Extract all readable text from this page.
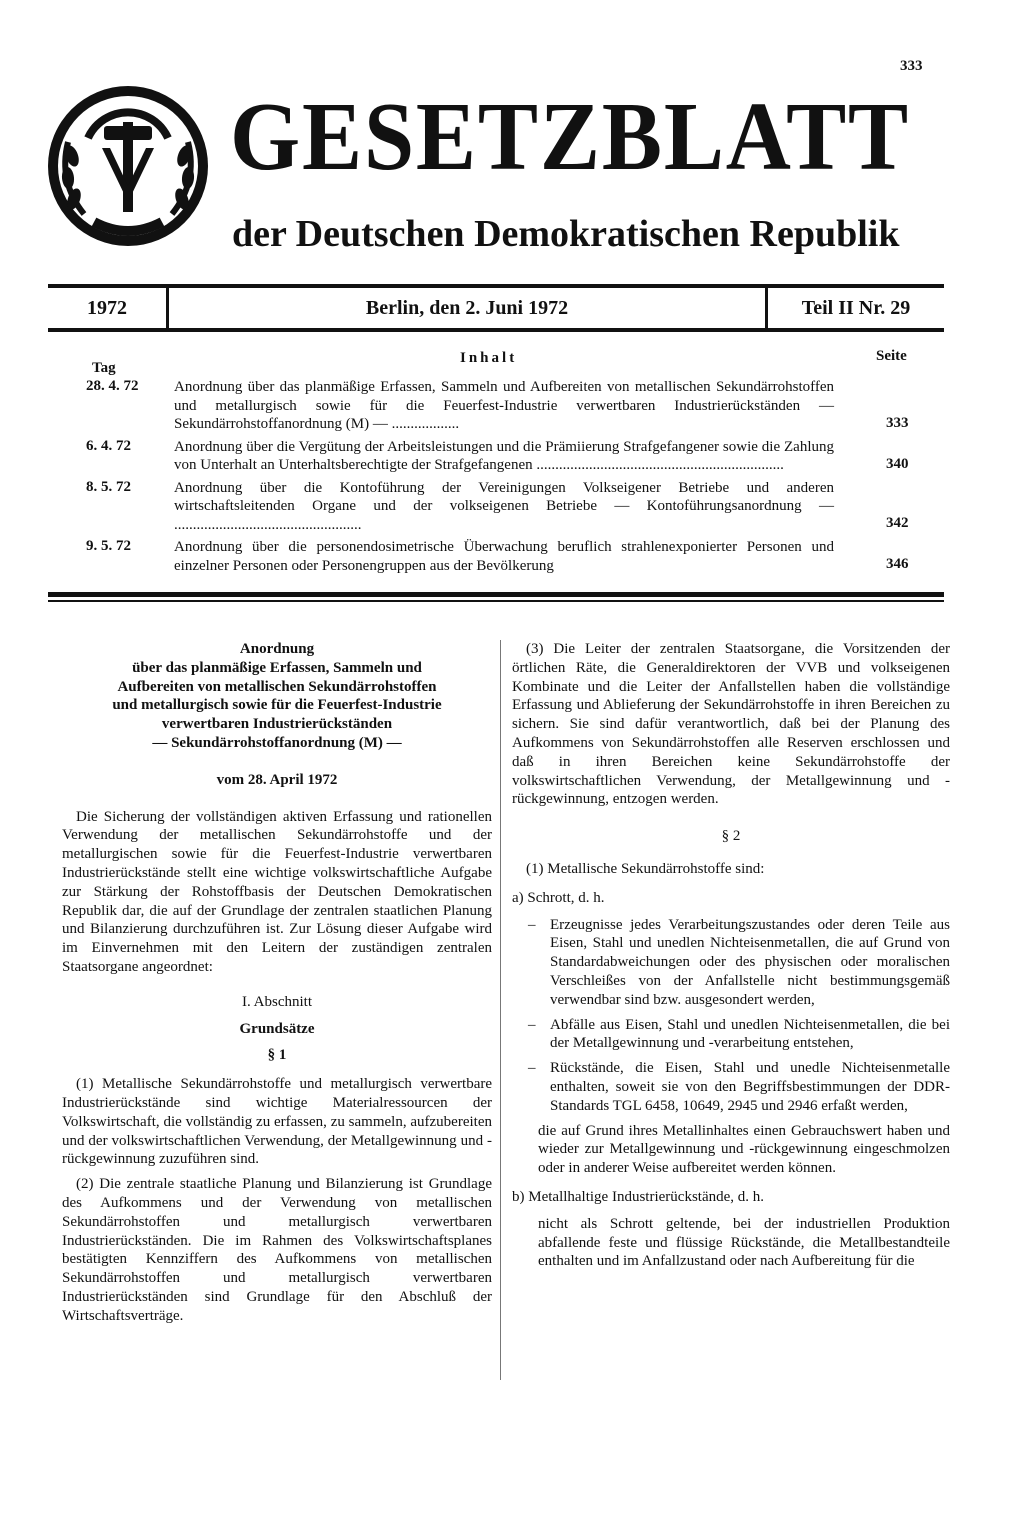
333
GESETZBLATT
der Deutschen Demokratischen Republik
1972	Berlin, den 2. Juni 1972	Teil II Nr. 29
Tag
Inhalt	Seite
28. 4. 72 Anordnung über das planmäßige Erfassen, Sammeln und Aufbereiten von metallischen Sekundärrohstoffen und metallurgisch sowie für die Feuerfest-Industrie verwertbaren Industrierückständen — Sekundärrohstoffanordnung (M) — ..................	333
6. 4. 72	Anordnung über die Vergütung der Arbeitsleistungen und die Prämiierung Strafgefangener sowie die Zahlung von Unterhalt an Unterhaltsberechtigte der Strafgefangenen ..................................................................	340
8. 5. 72	Anordnung über die Kontoführung der Vereinigungen Volkseigener Betriebe und anderen wirtschaftsleitenden Organe und der volkseigenen Betriebe — Kontoführungsanordnung — ..................................................	342
9. 5. 72	Anordnung über die personendosimetrische Überwachung beruflich strahlenexponierter Personen und einzelner Personen oder Personengruppen aus der Bevölkerung	346
Anordnung
über das planmäßige Erfassen, Sammeln und
Aufbereiten von metallischen Sekundärrohstoffen
und metallurgisch sowie für die Feuerfest-Industrie
verwertbaren Industrierückständen
— Sekundärrohstoffanordnung (M) —
vom 28. April 1972

Die Sicherung der vollständigen aktiven Erfassung und rationellen Verwendung der metallischen Sekundärrohstoffe und der metallurgischen sowie für die Feuerfest-Industrie verwertbaren Industrierückstände stellt eine wichtige volkswirtschaftliche Aufgabe zur Stärkung der Rohstoffbasis der Deutschen Demokratischen Republik dar, die auf der Grundlage der zentralen staatlichen Planung und Bilanzierung durchzuführen ist. Zur Lösung dieser Aufgabe wird im Einvernehmen mit den Leitern der zuständigen zentralen Staatsorgane angeordnet:

I. Abschnitt
Grundsätze
§ 1

(1) Metallische Sekundärrohstoffe und metallurgisch verwertbare Industrierückstände sind wichtige Materialressourcen der Volkswirtschaft, die vollständig zu erfassen, zu sammeln, aufzubereiten und der volkswirtschaftlichen Verwendung, der Metallgewinnung und -rückgewinnung zuzuführen sind.

(2) Die zentrale staatliche Planung und Bilanzierung ist Grundlage des Aufkommens und der Verwendung von metallischen Sekundärrohstoffen und metallurgisch verwertbaren Industrierückständen. Die im Rahmen des Volkswirtschaftsplanes bestätigten Kennziffern des Aufkommens von metallischen Sekundärrohstoffen und metallurgisch verwertbaren Industrierückständen sind Grundlage für den Abschluß der Wirtschaftsverträge.

(3) Die Leiter der zentralen Staatsorgane, die Vorsitzenden der örtlichen Räte, die Generaldirektoren der VVB und volkseigenen Kombinate und die Leiter der Anfallstellen haben die vollständige Erfassung und Ablieferung der Sekundärrohstoffe in ihren Bereichen zu sichern. Sie sind dafür verantwortlich, daß bei der Planung des Aufkommens von Sekundärrohstoffen alle Reserven erschlossen und daß in ihren Bereichen keine Sekundärrohstoffe der volkswirtschaftlichen Verwendung, der Metallgewinnung und -rückgewinnung, entzogen werden.

§ 2

(1) Metallische Sekundärrohstoffe sind:

a) Schrott, d. h.
– Erzeugnisse jedes Verarbeitungszustandes oder deren Teile aus Eisen, Stahl und unedlen Nichteisenmetallen, die auf Grund von Standardabweichungen oder des physischen oder moralischen Verschleißes von der Anfallstelle nicht bestimmungsgemäß verwendbar sind bzw. ausgesondert werden,
– Abfälle aus Eisen, Stahl und unedlen Nichteisenmetallen, die bei der Metallgewinnung und -verarbeitung entstehen,
– Rückstände, die Eisen, Stahl und unedle Nichteisenmetalle enthalten, soweit sie von den Begriffsbestimmungen der DDR-Standards TGL 6458, 10649, 2945 und 2946 erfaßt werden,

die auf Grund ihres Metallinhaltes einen Gebrauchswert haben und wieder zur Metallgewinnung und -rückgewinnung eingeschmolzen oder in anderer Weise aufbereitet werden können.

b) Metallhaltige Industrierückstände, d. h.

nicht als Schrott geltende, bei der industriellen Produktion abfallende feste und flüssige Rückstände, die Metallbestandteile enthalten und im Anfallzustand oder nach Aufbereitung für die
